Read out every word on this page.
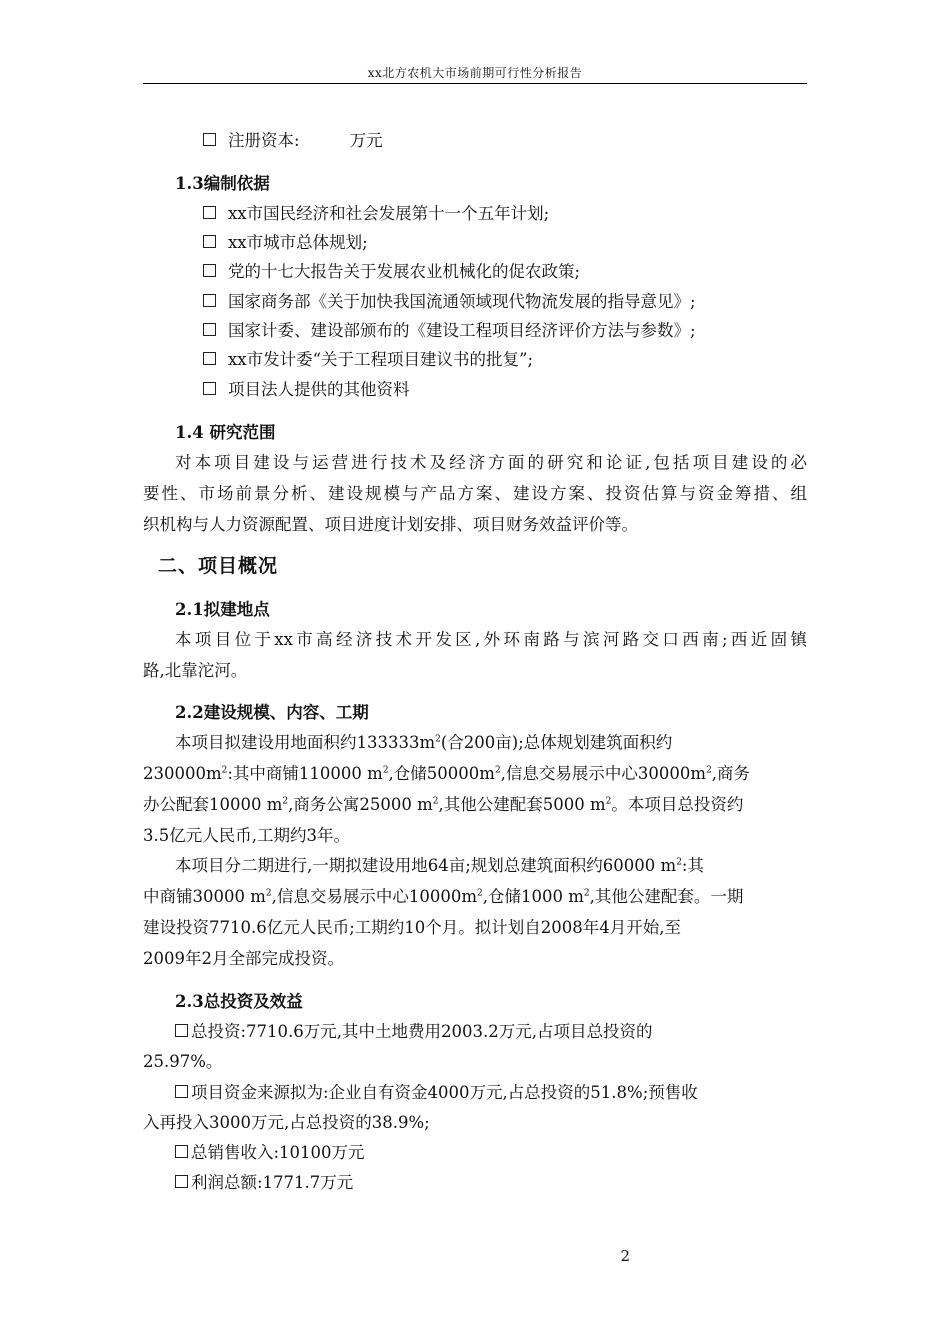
xx北方农机大市场前期可行性分析报告
注册资本:	万元
1.3编制依据
xx市国民经济和社会发展第十一个五年计划;
xx市城市总体规划;
党的十七大报告关于发展农业机械化的促农政策;
国家商务部《关于加快我国流通领域现代物流发展的指导意见》;
国家计委、建设部颁布的《建设工程项目经济评价方法与参数》;
xx市发计委“关于工程项目建议书的批复”;
项目法人提供的其他资料
1.4 研究范围
对本项目建设与运营进行技术及经济方面的研究和论证,包括项目建设的必
要性、市场前景分析、建设规模与产品方案、建设方案、投资估算与资金筹措、组
织机构与人力资源配置、项目进度计划安排、项目财务效益评价等。
二、项目概况
2.1拟建地点
本项目位于xx市高经济技术开发区,外环南路与滨河路交口西南;西近固镇
路,北靠沱河。
2.2建设规模、内容、工期
本项目拟建设用地面积约$133333m^2$(合200亩);总体规划建筑面积约
$230000m^2$:其中商铺110000 $m^2$,仓储$50000m^2$,信息交易展示中心$30000m^2$,商务
办公配套10000 $m^2$,商务公寓25000 $m^2$,其他公建配套5000 $m^2$。本项目总投资约
3.5亿元人民币,工期约3年。
本项目分二期进行,一期拟建设用地64亩;规划总建筑面积约60000 $m^2$:其
中商铺30000 $m^2$,信息交易展示中心$10000m^2$,仓储1000 $m^2$,其他公建配套。一期
建设投资7710.6亿元人民币;工期约10个月。拟计划自2008年4月开始,至
2009年2月全部完成投资。
2.3总投资及效益
总投资:7710.6万元,其中土地费用2003.2万元,占项目总投资的
25.97%。
项目资金来源拟为:企业自有资金4000万元,占总投资的51.8%;预售收
入再投入3000万元,占总投资的38.9%;
总销售收入:10100万元
利润总额:1771.7万元
2
